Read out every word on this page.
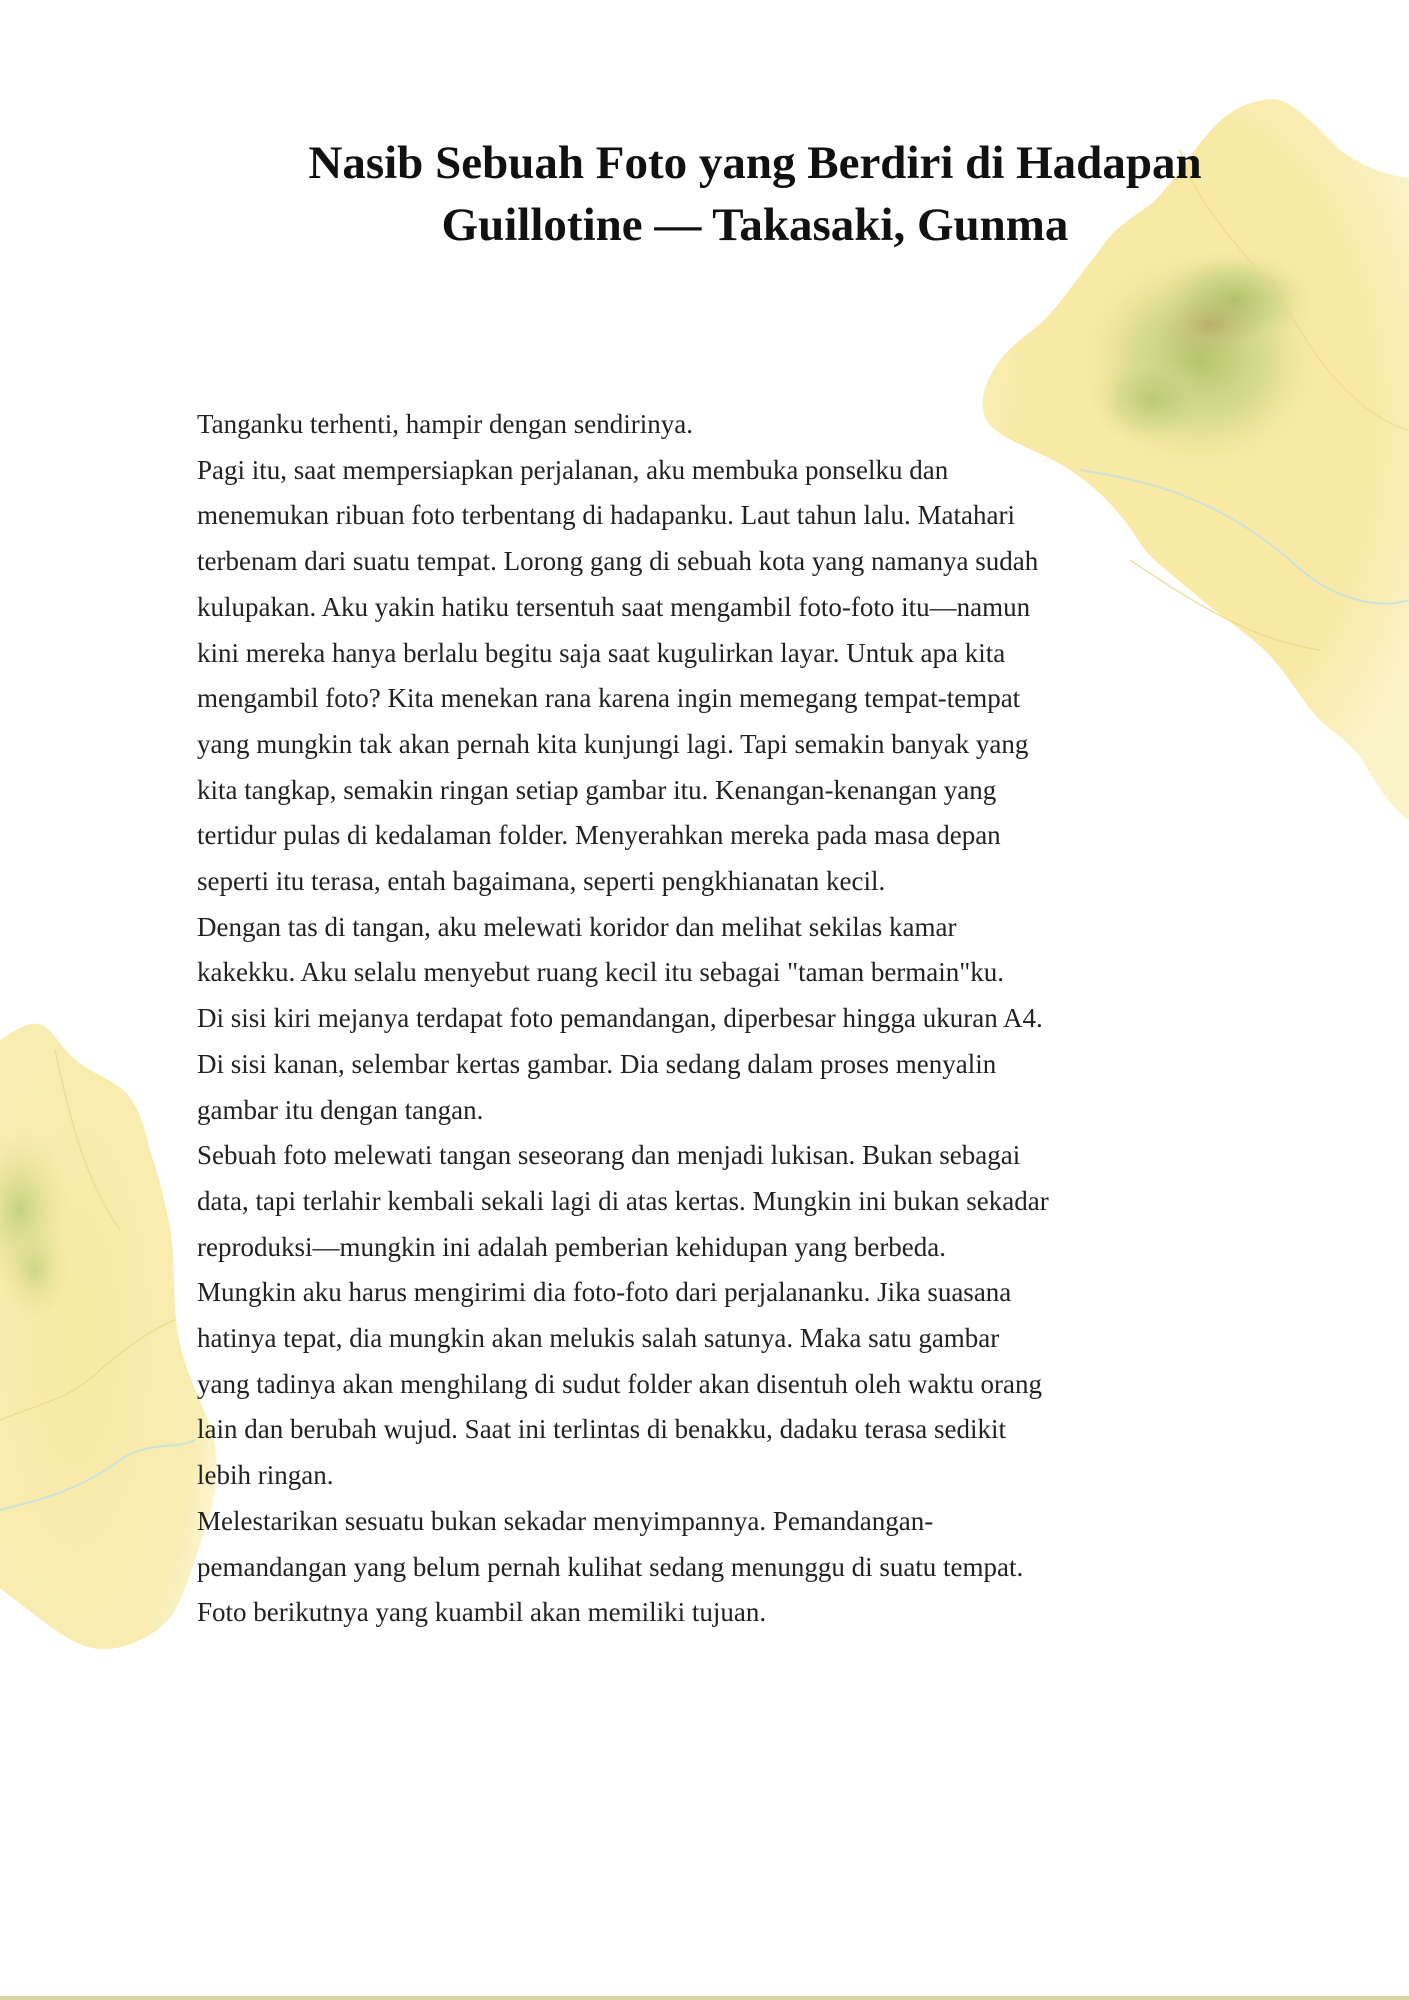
Nasib Sebuah Foto yang Berdiri di Hadapan
Guillotine — Takasaki, Gunma

Tanganku terhenti, hampir dengan sendirinya.

Pagi itu, saat mempersiapkan perjalanan, aku membuka ponselku dan
menemukan ribuan foto terbentang di hadapanku. Laut tahun lalu. Matahari
terbenam dari suatu tempat. Lorong gang di sebuah kota yang namanya sudah
kulupakan. Aku yakin hatiku tersentuh saat mengambil foto-foto itu—namun
kini mereka hanya berlalu begitu saja saat kugulirkan layar. Untuk apa kita
mengambil foto? Kita menekan rana karena ingin memegang tempat-tempat
yang mungkin tak akan pernah kita kunjungi lagi. Tapi semakin banyak yang
kita tangkap, semakin ringan setiap gambar itu. Kenangan-kenangan yang
tertidur pulas di kedalaman folder. Menyerahkan mereka pada masa depan
seperti itu terasa, entah bagaimana, seperti pengkhianatan kecil.

Dengan tas di tangan, aku melewati koridor dan melihat sekilas kamar
kakekku. Aku selalu menyebut ruang kecil itu sebagai "taman bermain"ku.

Di sisi kiri mejanya terdapat foto pemandangan, diperbesar hingga ukuran A4.
Di sisi kanan, selembar kertas gambar. Dia sedang dalam proses menyalin
gambar itu dengan tangan.

Sebuah foto melewati tangan seseorang dan menjadi lukisan. Bukan sebagai
data, tapi terlahir kembali sekali lagi di atas kertas. Mungkin ini bukan sekadar
reproduksi—mungkin ini adalah pemberian kehidupan yang berbeda.

Mungkin aku harus mengirimi dia foto-foto dari perjalananku. Jika suasana
hatinya tepat, dia mungkin akan melukis salah satunya. Maka satu gambar
yang tadinya akan menghilang di sudut folder akan disentuh oleh waktu orang
lain dan berubah wujud. Saat ini terlintas di benakku, dadaku terasa sedikit
lebih ringan.

Melestarikan sesuatu bukan sekadar menyimpannya. Pemandangan-
pemandangan yang belum pernah kulihat sedang menunggu di suatu tempat.
Foto berikutnya yang kuambil akan memiliki tujuan.
